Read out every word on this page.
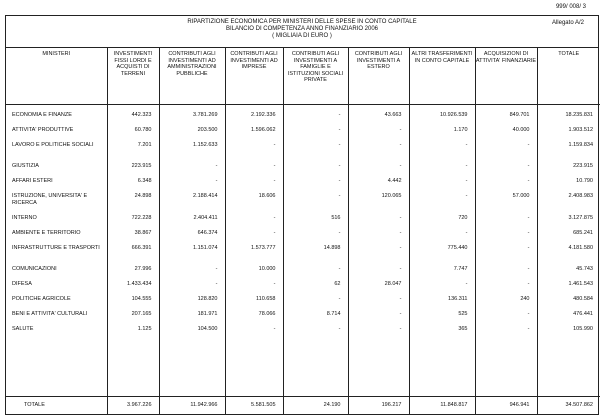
999/ 008/ 3
RIPARTIZIONE ECONOMICA PER MINISTERI DELLE SPESE IN CONTO CAPITALE
BILANCIO DI COMPETENZA ANNO FINANZIARIO 2006
( MIGLIAIA DI EURO )
Allegato A/2
MINISTERI	INVESTIMENTI FISSI LORDI E ACQUISTI DI TERRENI	CONTRIBUTI AGLI INVESTIMENTI AD AMMINISTRAZIONI PUBBLICHE	CONTRIBUTI AGLI INVESTIMENTI AD IMPRESE	CONTRIBUTI AGLI INVESTIMENTI A FAMIGLIE E ISTITUZIONI SOCIALI PRIVATE	CONTRIBUTI AGLI INVESTIMENTI A ESTERO	ALTRI TRASFERIMENTI IN CONTO CAPITALE	ACQUISIZIONI DI ATTIVITA' FINANZIARIE	TOTALE

ECONOMIA E FINANZE	442.323	3.781.269	2.192.336	-	43.663	10.926.539	849.701	18.235.831
ATTIVITA' PRODUTTIVE	60.780	203.500	1.596.062	-	-	1.170	40.000	1.903.512
LAVORO E POLITICHE SOCIALI	7.201	1.152.633	-	-	-	-	-	1.159.834
GIUSTIZIA	223.915	-	-	-	-	-	-	223.915
AFFARI ESTERI	6.348	-	-	-	4.442	-	-	10.790
ISTRUZIONE, UNIVERSITA' E RICERCA	24.898	2.188.414	18.606	-	120.065	-	57.000	2.408.983
INTERNO	722.228	2.404.411	-	516	-	720	-	3.127.875
AMBIENTE E TERRITORIO	38.867	646.374	-	-	-	-	-	685.241
INFRASTRUTTURE E TRASPORTI	666.391	1.151.074	1.573.777	14.898	-	775.440	-	4.181.580
COMUNICAZIONI	27.996	-	10.000	-	-	7.747	-	45.743
DIFESA	1.433.434	-	-	62	28.047	-	-	1.461.543
POLITICHE AGRICOLE	104.555	128.820	110.658	-	-	136.311	240	480.584
BENI E ATTIVITA' CULTURALI	207.165	181.971	78.066	8.714	-	525	-	476.441
SALUTE	1.125	104.500	-	-	-	365	-	105.990

TOTALE	3.967.226	11.942.966	5.581.505	24.190	196.217	11.848.817	946.941	34.507.862
